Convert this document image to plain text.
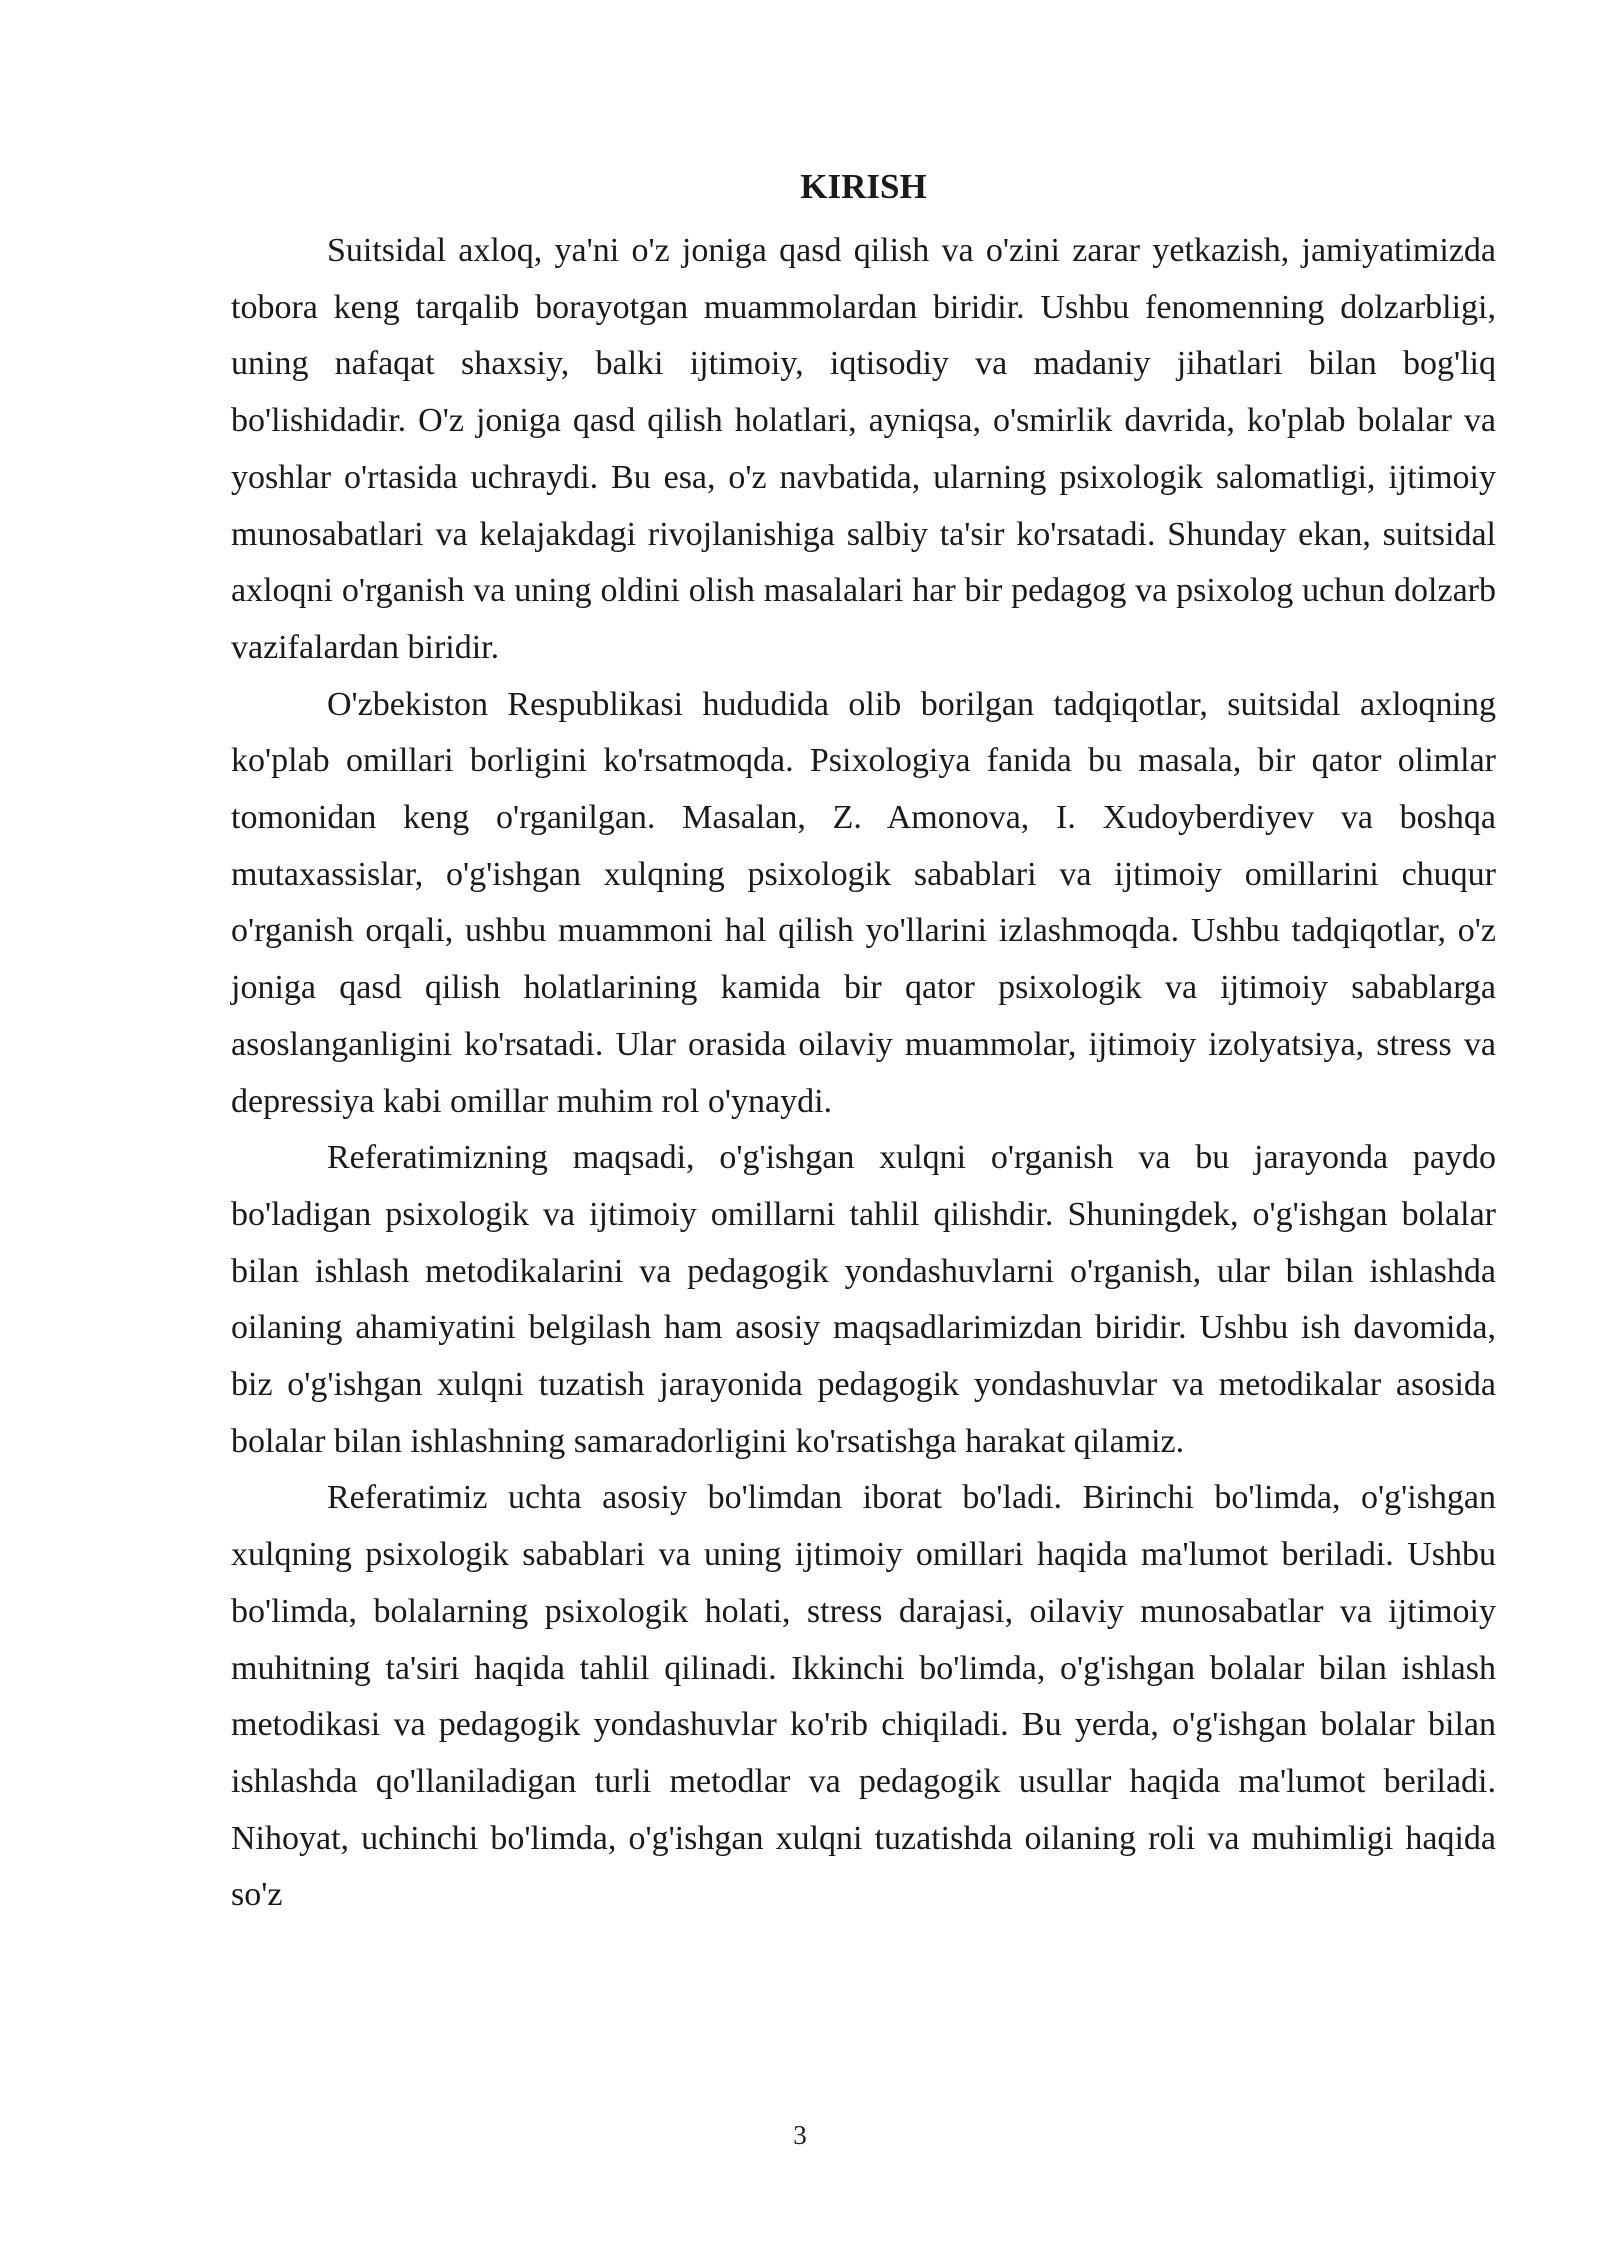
KIRISH

Suitsidal axloq, ya'ni o'z joniga qasd qilish va o'zini zarar yetkazish, jamiyatimizda tobora keng tarqalib borayotgan muammolardan biridir. Ushbu fenomenning dolzarbligi, uning nafaqat shaxsiy, balki ijtimoiy, iqtisodiy va madaniy jihatlari bilan bog'liq bo'lishidadir. O'z joniga qasd qilish holatlari, ayniqsa, o'smirlik davrida, ko'plab bolalar va yoshlar o'rtasida uchraydi. Bu esa, o'z navbatida, ularning psixologik salomatligi, ijtimoiy munosabatlari va kelajakdagi rivojlanishiga salbiy ta'sir ko'rsatadi. Shunday ekan, suitsidal axloqni o'rganish va uning oldini olish masalalari har bir pedagog va psixolog uchun dolzarb vazifalardan biridir.

O'zbekiston Respublikasi hududida olib borilgan tadqiqotlar, suitsidal axloqning ko'plab omillari borligini ko'rsatmoqda. Psixologiya fanida bu masala, bir qator olimlar tomonidan keng o'rganilgan. Masalan, Z. Amonova, I. Xudoyberdiyev va boshqa mutaxassislar, o'g'ishgan xulqning psixologik sabablari va ijtimoiy omillarini chuqur o'rganish orqali, ushbu muammoni hal qilish yo'llarini izlashmoqda. Ushbu tadqiqotlar, o'z joniga qasd qilish holatlarining kamida bir qator psixologik va ijtimoiy sabablarga asoslanganligini ko'rsatadi. Ular orasida oilaviy muammolar, ijtimoiy izolyatsiya, stress va depressiya kabi omillar muhim rol o'ynaydi.

Referatimizning maqsadi, o'g'ishgan xulqni o'rganish va bu jarayonda paydo bo'ladigan psixologik va ijtimoiy omillarni tahlil qilishdir. Shuningdek, o'g'ishgan bolalar bilan ishlash metodikalarini va pedagogik yondashuvlarni o'rganish, ular bilan ishlashda oilaning ahamiyatini belgilash ham asosiy maqsadlarimizdan biridir. Ushbu ish davomida, biz o'g'ishgan xulqni tuzatish jarayonida pedagogik yondashuvlar va metodikalar asosida bolalar bilan ishlashning samaradorligini ko'rsatishga harakat qilamiz.

Referatimiz uchta asosiy bo'limdan iborat bo'ladi. Birinchi bo'limda, o'g'ishgan xulqning psixologik sabablari va uning ijtimoiy omillari haqida ma'lumot beriladi. Ushbu bo'limda, bolalarning psixologik holati, stress darajasi, oilaviy munosabatlar va ijtimoiy muhitning ta'siri haqida tahlil qilinadi. Ikkinchi bo'limda, o'g'ishgan bolalar bilan ishlash metodikasi va pedagogik yondashuvlar ko'rib chiqiladi. Bu yerda, o'g'ishgan bolalar bilan ishlashda qo'llaniladigan turli metodlar va pedagogik usullar haqida ma'lumot beriladi. Nihoyat, uchinchi bo'limda, o'g'ishgan xulqni tuzatishda oilaning roli va muhimligi haqida so'z

3
